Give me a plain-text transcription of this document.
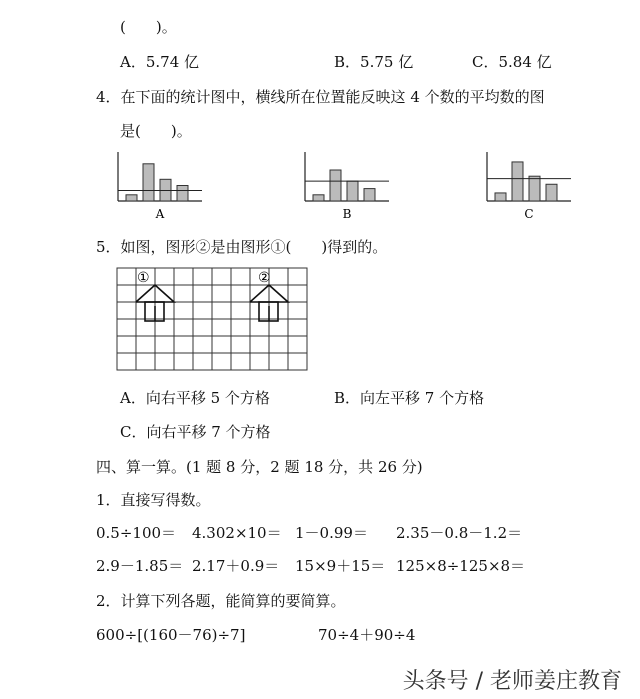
(　　)。
A．5.74 亿	B．5.75 亿	C．5.84 亿
4．在下面的统计图中，横线所在位置能反映这 4 个数的平均数的图
是(　　)。
A	B	C
5．如图，图形②是由图形①(　　)得到的。
①	②
A．向右平移 5 个方格	B．向左平移 7 个方格
C．向右平移 7 个方格
四、算一算。(1 题 8 分，2 题 18 分，共 26 分)
1．直接写得数。
0.5÷100＝ 4.302×10＝ 1－0.99＝ 2.35－0.8－1.2＝
2.9－1.85＝ 2.17＋0.9＝ 15×9＋15＝ 125×8÷125×8＝
2．计算下列各题，能简算的要简算。
600÷[(160－76)÷7]	70÷4＋90÷4
头条号 / 老师姜庄教育
